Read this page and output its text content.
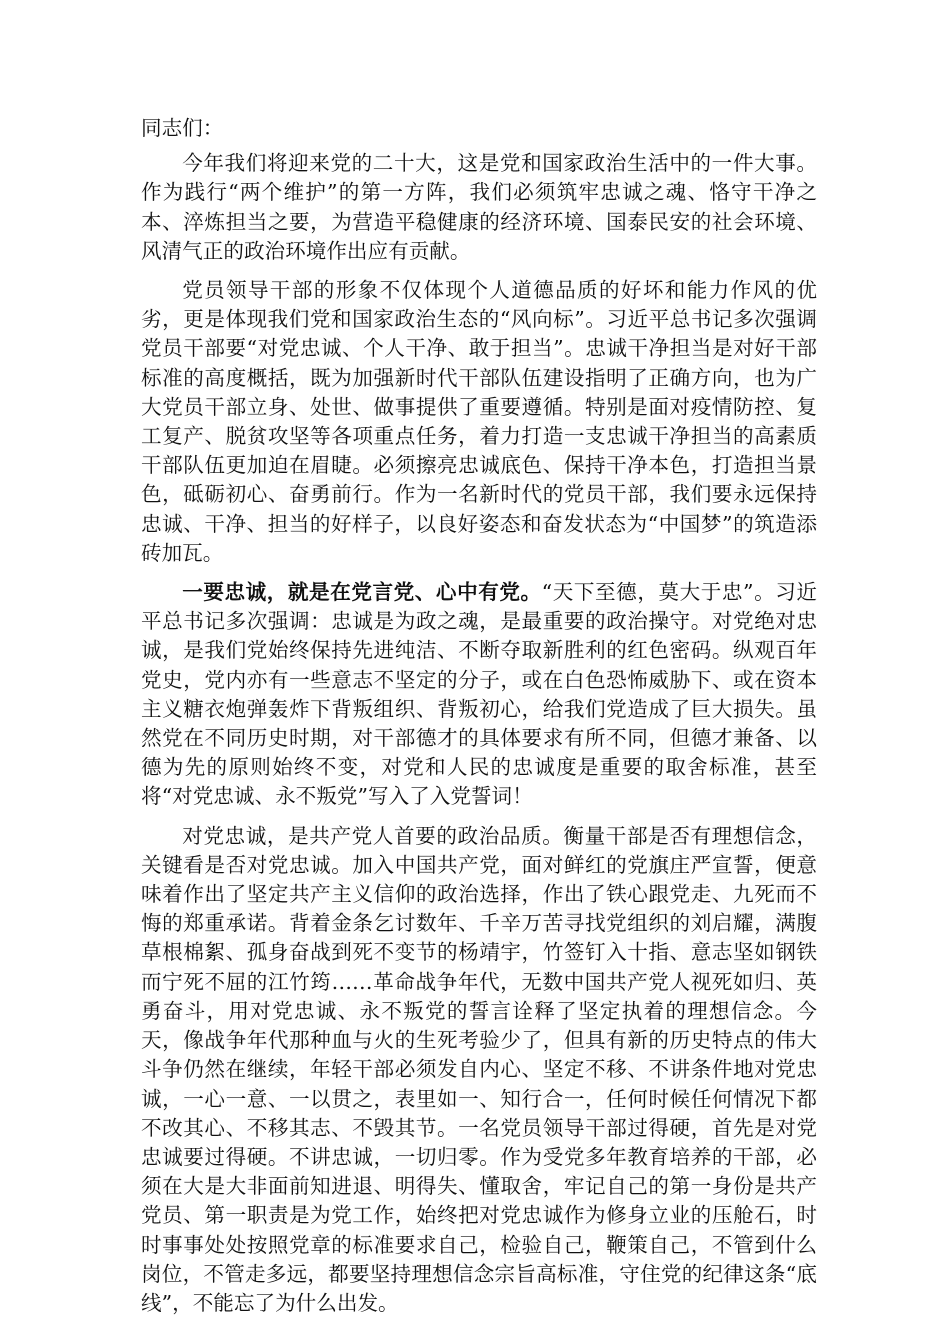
同志们：

今年我们将迎来党的二十大，这是党和国家政治生活中的一件大事。作为践行“两个维护”的第一方阵，我们必须筑牢忠诚之魂、恪守干净之本、淬炼担当之要，为营造平稳健康的经济环境、国泰民安的社会环境、风清气正的政治环境作出应有贡献。

党员领导干部的形象不仅体现个人道德品质的好坏和能力作风的优劣，更是体现我们党和国家政治生态的“风向标”。习近平总书记多次强调党员干部要“对党忠诚、个人干净、敢于担当”。忠诚干净担当是对好干部标准的高度概括，既为加强新时代干部队伍建设指明了正确方向，也为广大党员干部立身、处世、做事提供了重要遵循。特别是面对疫情防控、复工复产、脱贫攻坚等各项重点任务，着力打造一支忠诚干净担当的高素质干部队伍更加迫在眉睫。必须擦亮忠诚底色、保持干净本色，打造担当景色，砥砺初心、奋勇前行。作为一名新时代的党员干部，我们要永远保持忠诚、干净、担当的好样子，以良好姿态和奋发状态为“中国梦”的筑造添砖加瓦。

一要忠诚，就是在党言党、心中有党。“天下至德，莫大于忠”。习近平总书记多次强调：忠诚是为政之魂，是最重要的政治操守。对党绝对忠诚，是我们党始终保持先进纯洁、不断夺取新胜利的红色密码。纵观百年党史，党内亦有一些意志不坚定的分子，或在白色恐怖威胁下、或在资本主义糖衣炮弹轰炸下背叛组织、背叛初心，给我们党造成了巨大损失。虽然党在不同历史时期，对干部德才的具体要求有所不同，但德才兼备、以德为先的原则始终不变，对党和人民的忠诚度是重要的取舍标准，甚至将“对党忠诚、永不叛党”写入了入党誓词！

对党忠诚，是共产党人首要的政治品质。衡量干部是否有理想信念，关键看是否对党忠诚。加入中国共产党，面对鲜红的党旗庄严宣誓，便意味着作出了坚定共产主义信仰的政治选择，作出了铁心跟党走、九死而不悔的郑重承诺。背着金条乞讨数年、千辛万苦寻找党组织的刘启耀，满腹草根棉絮、孤身奋战到死不变节的杨靖宇，竹签钉入十指、意志坚如钢铁而宁死不屈的江竹筠……革命战争年代，无数中国共产党人视死如归、英勇奋斗，用对党忠诚、永不叛党的誓言诠释了坚定执着的理想信念。今天，像战争年代那种血与火的生死考验少了，但具有新的历史特点的伟大斗争仍然在继续，年轻干部必须发自内心、坚定不移、不讲条件地对党忠诚，一心一意、一以贯之，表里如一、知行合一，任何时候任何情况下都不改其心、不移其志、不毁其节。一名党员领导干部过得硬，首先是对党忠诚要过得硬。不讲忠诚，一切归零。作为受党多年教育培养的干部，必须在大是大非面前知进退、明得失、懂取舍，牢记自己的第一身份是共产党员、第一职责是为党工作，始终把对党忠诚作为修身立业的压舱石，时时事事处处按照党章的标准要求自己，检验自己，鞭策自己，不管到什么岗位，不管走多远，都要坚持理想信念宗旨高标准，守住党的纪律这条“底线”，不能忘了为什么出发。
